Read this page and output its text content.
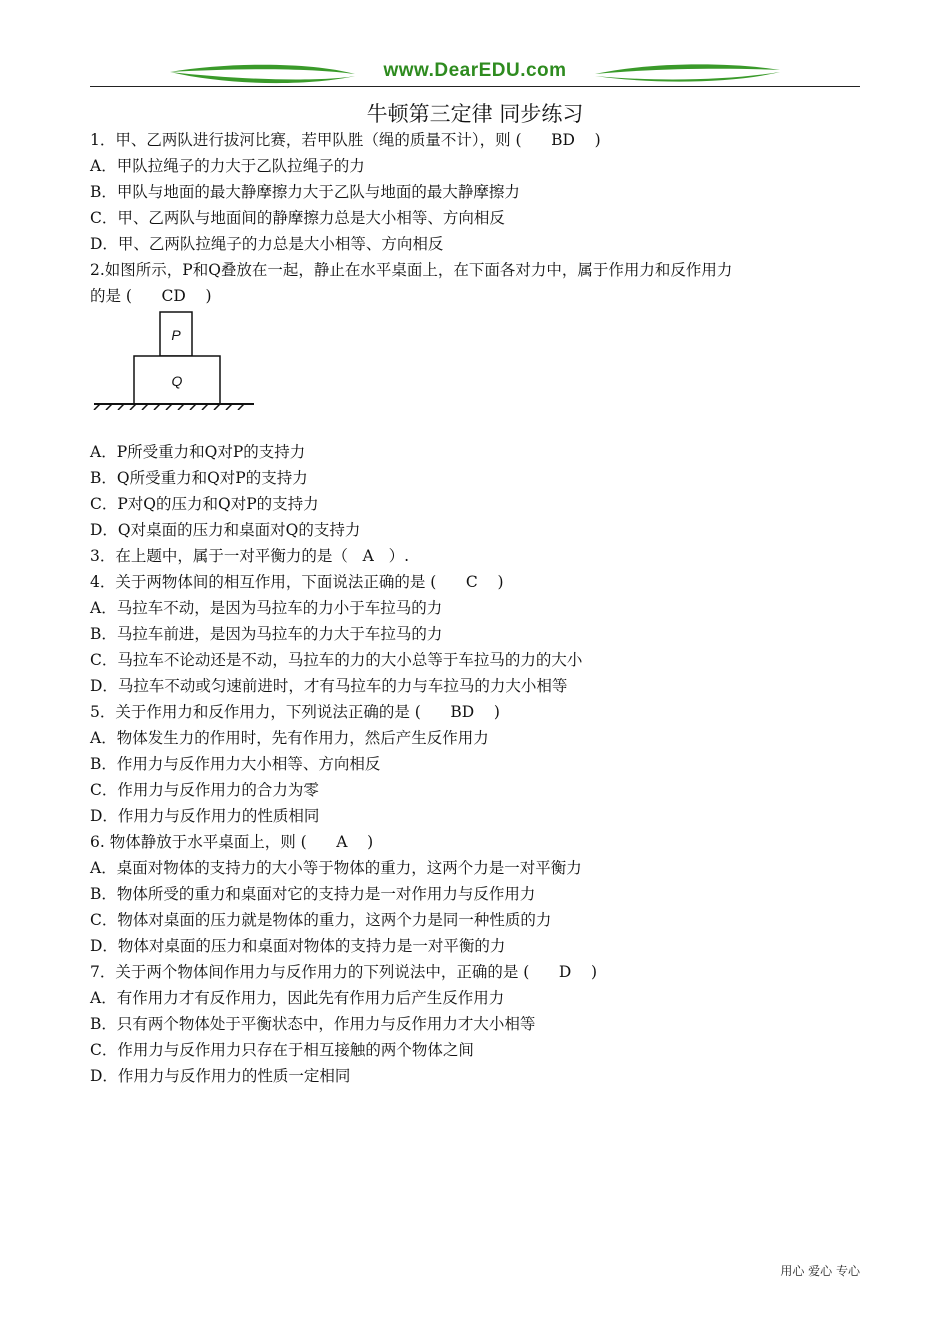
www.DearEDU.com
牛顿第三定律 同步练习
1．甲、乙两队进行拔河比赛，若甲队胜（绳的质量不计），则 (      BD    )
A．甲队拉绳子的力大于乙队拉绳子的力
B．甲队与地面的最大静摩擦力大于乙队与地面的最大静摩擦力
C．甲、乙两队与地面间的静摩擦力总是大小相等、方向相反
D．甲、乙两队拉绳子的力总是大小相等、方向相反
2.如图所示，P和Q叠放在一起，静止在水平桌面上，在下面各对力中，属于作用力和反作用力
的是 (      CD    )
P
Q
A．P所受重力和Q对P的支持力
B．Q所受重力和Q对P的支持力
C．P对Q的压力和Q对P的支持力
D．Q对桌面的压力和桌面对Q的支持力
3．在上题中，属于一对平衡力的是（   A   ）.
4．关于两物体间的相互作用，下面说法正确的是 (      C    )
A．马拉车不动，是因为马拉车的力小于车拉马的力
B．马拉车前进，是因为马拉车的力大于车拉马的力
C．马拉车不论动还是不动，马拉车的力的大小总等于车拉马的力的大小
D．马拉车不动或匀速前进时，才有马拉车的力与车拉马的力大小相等
5．关于作用力和反作用力，下列说法正确的是 (      BD    )
A．物体发生力的作用时，先有作用力，然后产生反作用力
B．作用力与反作用力大小相等、方向相反
C．作用力与反作用力的合力为零
D．作用力与反作用力的性质相同
6. 物体静放于水平桌面上，则 (      A    )
A．桌面对物体的支持力的大小等于物体的重力，这两个力是一对平衡力
B．物体所受的重力和桌面对它的支持力是一对作用力与反作用力
C．物体对桌面的压力就是物体的重力，这两个力是同一种性质的力
D．物体对桌面的压力和桌面对物体的支持力是一对平衡的力
7．关于两个物体间作用力与反作用力的下列说法中，正确的是 (      D    )
A．有作用力才有反作用力，因此先有作用力后产生反作用力
B．只有两个物体处于平衡状态中，作用力与反作用力才大小相等
C．作用力与反作用力只存在于相互接触的两个物体之间
D．作用力与反作用力的性质一定相同
用心 爱心 专心
